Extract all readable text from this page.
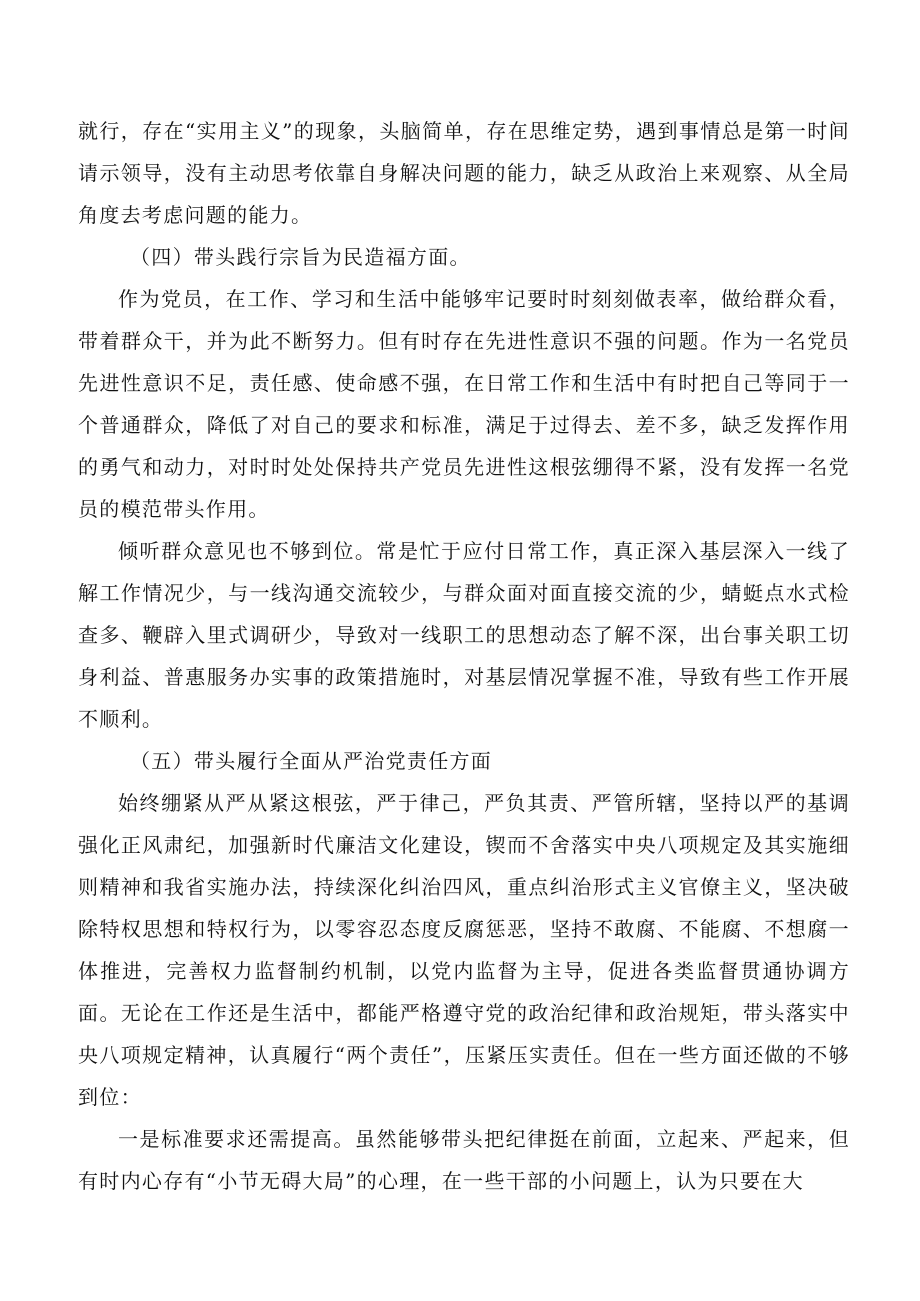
就行，存在“实用主义”的现象，头脑简单，存在思维定势，遇到事情总是第一时间请示领导，没有主动思考依靠自身解决问题的能力，缺乏从政治上来观察、从全局角度去考虑问题的能力。

（四）带头践行宗旨为民造福方面。

作为党员，在工作、学习和生活中能够牢记要时时刻刻做表率，做给群众看，带着群众干，并为此不断努力。但有时存在先进性意识不强的问题。作为一名党员先进性意识不足，责任感、使命感不强，在日常工作和生活中有时把自己等同于一个普通群众，降低了对自己的要求和标准，满足于过得去、差不多，缺乏发挥作用的勇气和动力，对时时处处保持共产党员先进性这根弦绷得不紧，没有发挥一名党员的模范带头作用。

倾听群众意见也不够到位。常是忙于应付日常工作，真正深入基层深入一线了解工作情况少，与一线沟通交流较少，与群众面对面直接交流的少，蜻蜓点水式检查多、鞭辟入里式调研少，导致对一线职工的思想动态了解不深，出台事关职工切身利益、普惠服务办实事的政策措施时，对基层情况掌握不准，导致有些工作开展不顺利。

（五）带头履行全面从严治党责任方面

始终绷紧从严从紧这根弦，严于律己，严负其责、严管所辖，坚持以严的基调强化正风肃纪，加强新时代廉洁文化建设，锲而不舍落实中央八项规定及其实施细则精神和我省实施办法，持续深化纠治四风，重点纠治形式主义官僚主义，坚决破除特权思想和特权行为，以零容忍态度反腐惩恶，坚持不敢腐、不能腐、不想腐一体推进，完善权力监督制约机制，以党内监督为主导，促进各类监督贯通协调方面。无论在工作还是生活中，都能严格遵守党的政治纪律和政治规矩，带头落实中央八项规定精神，认真履行“两个责任”，压紧压实责任。但在一些方面还做的不够到位：

一是标准要求还需提高。虽然能够带头把纪律挺在前面，立起来、严起来，但有时内心存有“小节无碍大局”的心理，在一些干部的小问题上，认为只要在大
